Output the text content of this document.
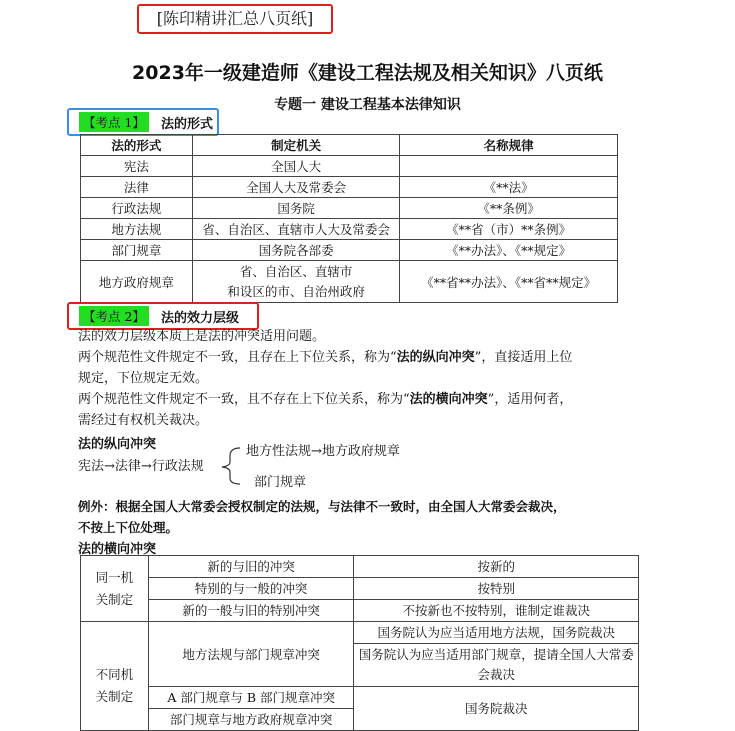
[陈印精讲汇总八页纸]
2023年一级建造师《建设工程法规及相关知识》八页纸
专题一 建设工程基本法律知识
【考点 1】	法的形式
法的形式	制定机关	名称规律
宪法	全国人大	
法律	全国人大及常委会	《**法》
行政法规	国务院	《**条例》
地方法规	省、自治区、直辖市人大及常委会	《**省（市）**条例》
部门规章	国务院各部委	《**办法》、《**规定》
地方政府规章	省、自治区、直辖市
和设区的市、自治州政府	《**省**办法》、《**省**规定》
【考点 2】	法的效力层级
法的效力层级本质上是法的冲突适用问题。
两个规范性文件规定不一致，且存在上下位关系，称为“法的纵向冲突”，直接适用上位
规定，下位规定无效。
两个规范性文件规定不一致，且不存在上下位关系，称为“法的横向冲突”，适用何者，
需经过有权机关裁决。
法的纵向冲突
宪法→法律→行政法规
地方性法规→地方政府规章
部门规章
例外：根据全国人大常委会授权制定的法规，与法律不一致时，由全国人大常委会裁决，
不按上下位处理。
法的横向冲突
同一机
关制定	新的与旧的冲突	按新的
	特别的与一般的冲突	按特别
	新的一般与旧的特别冲突	不按新也不按特别，谁制定谁裁决
不同机
关制定	地方法规与部门规章冲突	国务院认为应当适用地方法规，国务院裁决
		国务院认为应当适用部门规章，提请全国人大常委会裁决
	A 部门规章与 B 部门规章冲突	国务院裁决
	部门规章与地方政府规章冲突	
